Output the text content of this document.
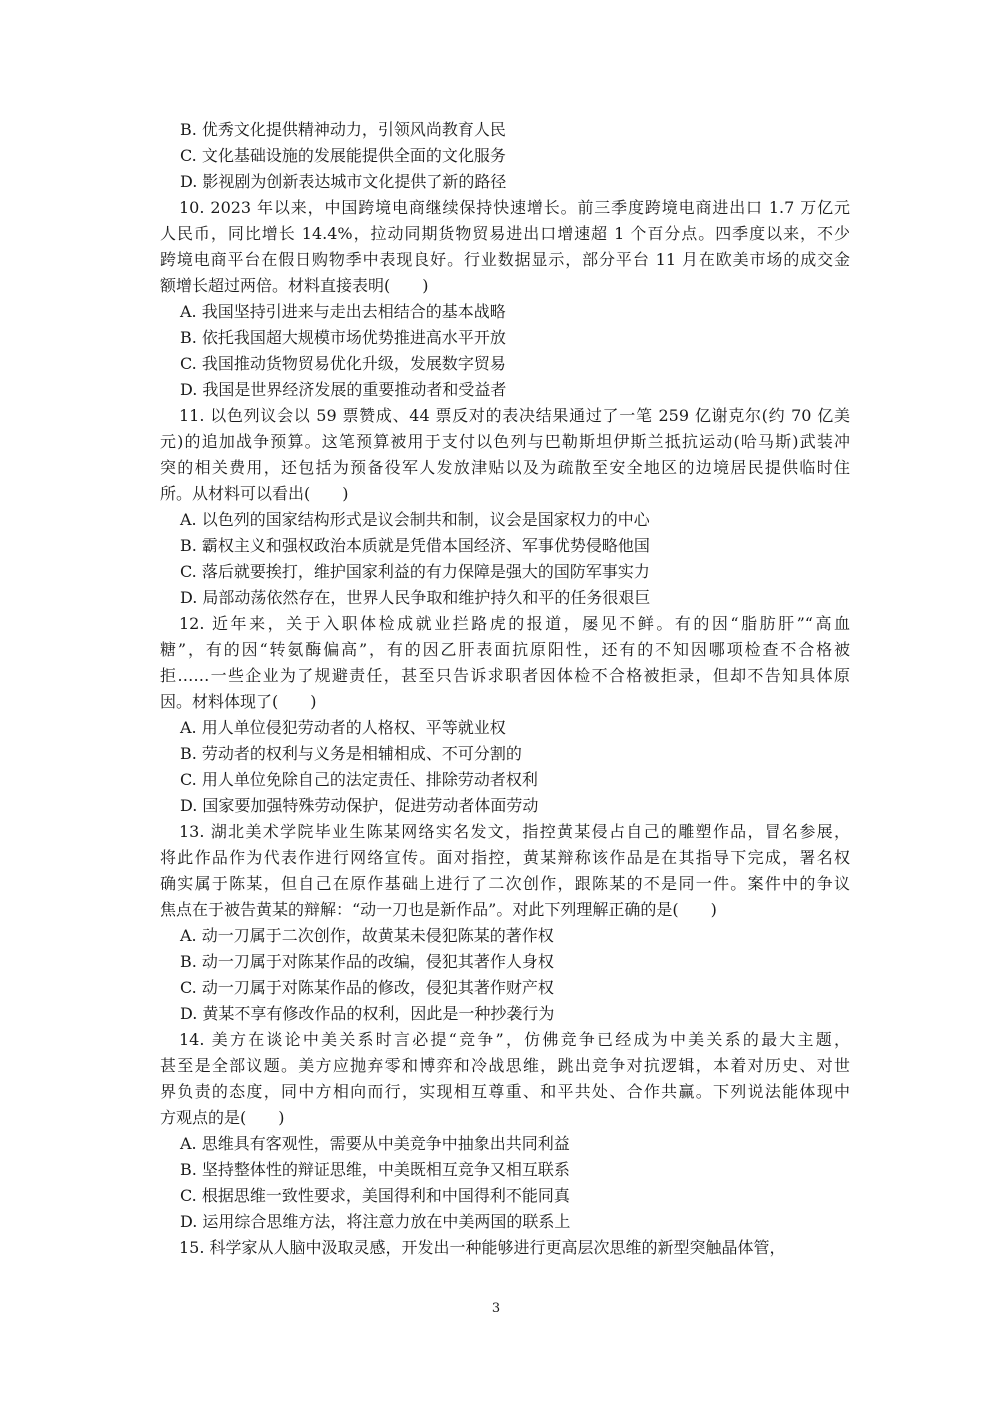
B. 优秀文化提供精神动力，引领风尚教育人民
C. 文化基础设施的发展能提供全面的文化服务
D. 影视剧为创新表达城市文化提供了新的路径
10. 2023 年以来，中国跨境电商继续保持快速增长。前三季度跨境电商进出口 1.7 万亿元
人民币，同比增长 14.4%，拉动同期货物贸易进出口增速超 1 个百分点。四季度以来，不少
跨境电商平台在假日购物季中表现良好。行业数据显示，部分平台 11 月在欧美市场的成交金
额增长超过两倍。材料直接表明(　　)
A. 我国坚持引进来与走出去相结合的基本战略
B. 依托我国超大规模市场优势推进高水平开放
C. 我国推动货物贸易优化升级，发展数字贸易
D. 我国是世界经济发展的重要推动者和受益者
11. 以色列议会以 59 票赞成、44 票反对的表决结果通过了一笔 259 亿谢克尔(约 70 亿美
元)的追加战争预算。这笔预算被用于支付以色列与巴勒斯坦伊斯兰抵抗运动(哈马斯)武装冲
突的相关费用，还包括为预备役军人发放津贴以及为疏散至安全地区的边境居民提供临时住
所。从材料可以看出(　　)
A. 以色列的国家结构形式是议会制共和制，议会是国家权力的中心
B. 霸权主义和强权政治本质就是凭借本国经济、军事优势侵略他国
C. 落后就要挨打，维护国家利益的有力保障是强大的国防军事实力
D. 局部动荡依然存在，世界人民争取和维护持久和平的任务很艰巨
12. 近年来，关于入职体检成就业拦路虎的报道，屡见不鲜。有的因“脂肪肝”“高血
糖”，有的因“转氨酶偏高”，有的因乙肝表面抗原阳性，还有的不知因哪项检查不合格被
拒……一些企业为了规避责任，甚至只告诉求职者因体检不合格被拒录，但却不告知具体原
因。材料体现了(　　)
A. 用人单位侵犯劳动者的人格权、平等就业权
B. 劳动者的权利与义务是相辅相成、不可分割的
C. 用人单位免除自己的法定责任、排除劳动者权利
D. 国家要加强特殊劳动保护，促进劳动者体面劳动
13. 湖北美术学院毕业生陈某网络实名发文，指控黄某侵占自己的雕塑作品，冒名参展，
将此作品作为代表作进行网络宣传。面对指控，黄某辩称该作品是在其指导下完成，署名权
确实属于陈某，但自己在原作基础上进行了二次创作，跟陈某的不是同一件。案件中的争议
焦点在于被告黄某的辩解：“动一刀也是新作品”。对此下列理解正确的是(　　)
A. 动一刀属于二次创作，故黄某未侵犯陈某的著作权
B. 动一刀属于对陈某作品的改编，侵犯其著作人身权
C. 动一刀属于对陈某作品的修改，侵犯其著作财产权
D. 黄某不享有修改作品的权利，因此是一种抄袭行为
14. 美方在谈论中美关系时言必提“竞争”，仿佛竞争已经成为中美关系的最大主题，
甚至是全部议题。美方应抛弃零和博弈和冷战思维，跳出竞争对抗逻辑，本着对历史、对世
界负责的态度，同中方相向而行，实现相互尊重、和平共处、合作共赢。下列说法能体现中
方观点的是(　　)
A. 思维具有客观性，需要从中美竞争中抽象出共同利益
B. 坚持整体性的辩证思维，中美既相互竞争又相互联系
C. 根据思维一致性要求，美国得利和中国得利不能同真
D. 运用综合思维方法，将注意力放在中美两国的联系上
15. 科学家从人脑中汲取灵感，开发出一种能够进行更高层次思维的新型突触晶体管，
3
